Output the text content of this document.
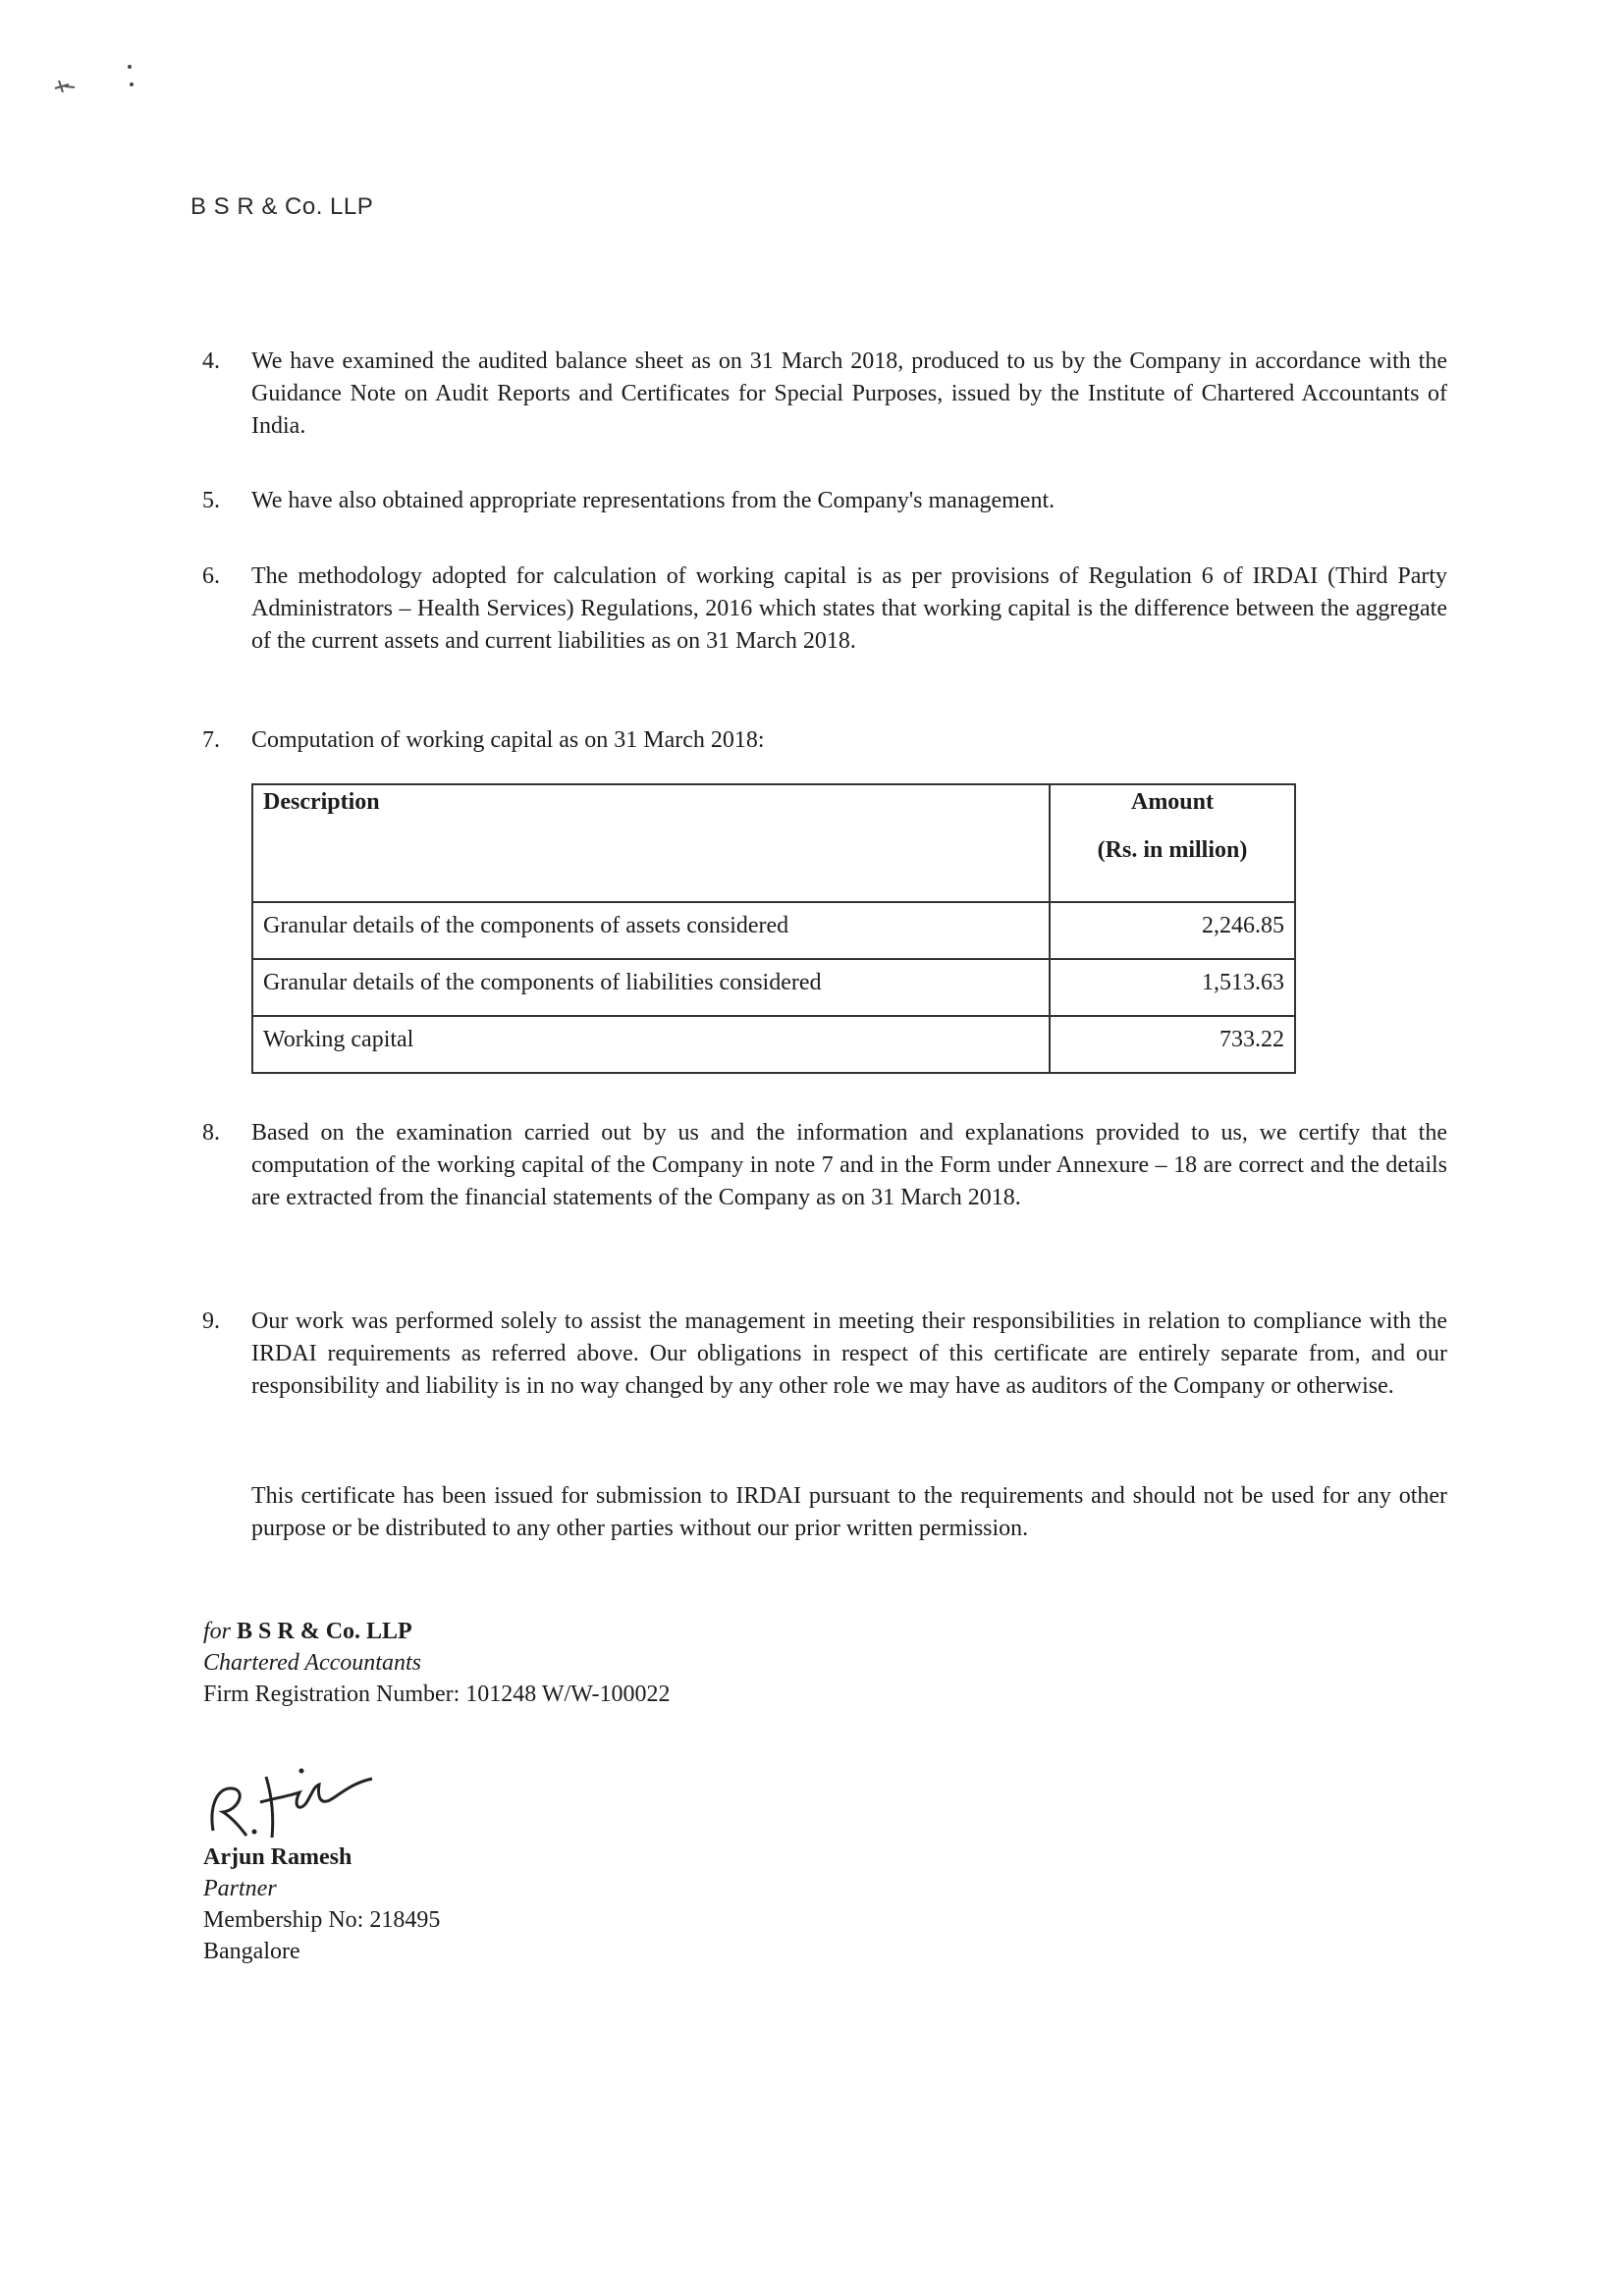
B S R & Co. LLP
4. We have examined the audited balance sheet as on 31 March 2018, produced to us by the Company in accordance with the Guidance Note on Audit Reports and Certificates for Special Purposes, issued by the Institute of Chartered Accountants of India.
5. We have also obtained appropriate representations from the Company's management.
6. The methodology adopted for calculation of working capital is as per provisions of Regulation 6 of IRDAI (Third Party Administrators – Health Services) Regulations, 2016 which states that working capital is the difference between the aggregate of the current assets and current liabilities as on 31 March 2018.
7. Computation of working capital as on 31 March 2018:
Description	Amount
(Rs. in million)

Granular details of the components of assets considered	2,246.85
Granular details of the components of liabilities considered	1,513.63
Working capital	733.22
8. Based on the examination carried out by us and the information and explanations provided to us, we certify that the computation of the working capital of the Company in note 7 and in the Form under Annexure – 18 are correct and the details are extracted from the financial statements of the Company as on 31 March 2018.
9. Our work was performed solely to assist the management in meeting their responsibilities in relation to compliance with the IRDAI requirements as referred above. Our obligations in respect of this certificate are entirely separate from, and our responsibility and liability is in no way changed by any other role we may have as auditors of the Company or otherwise.
This certificate has been issued for submission to IRDAI pursuant to the requirements and should not be used for any other purpose or be distributed to any other parties without our prior written permission.
for B S R & Co. LLP
Chartered Accountants
Firm Registration Number: 101248 W/W-100022
Arjun Ramesh
Partner
Membership No: 218495
Bangalore
